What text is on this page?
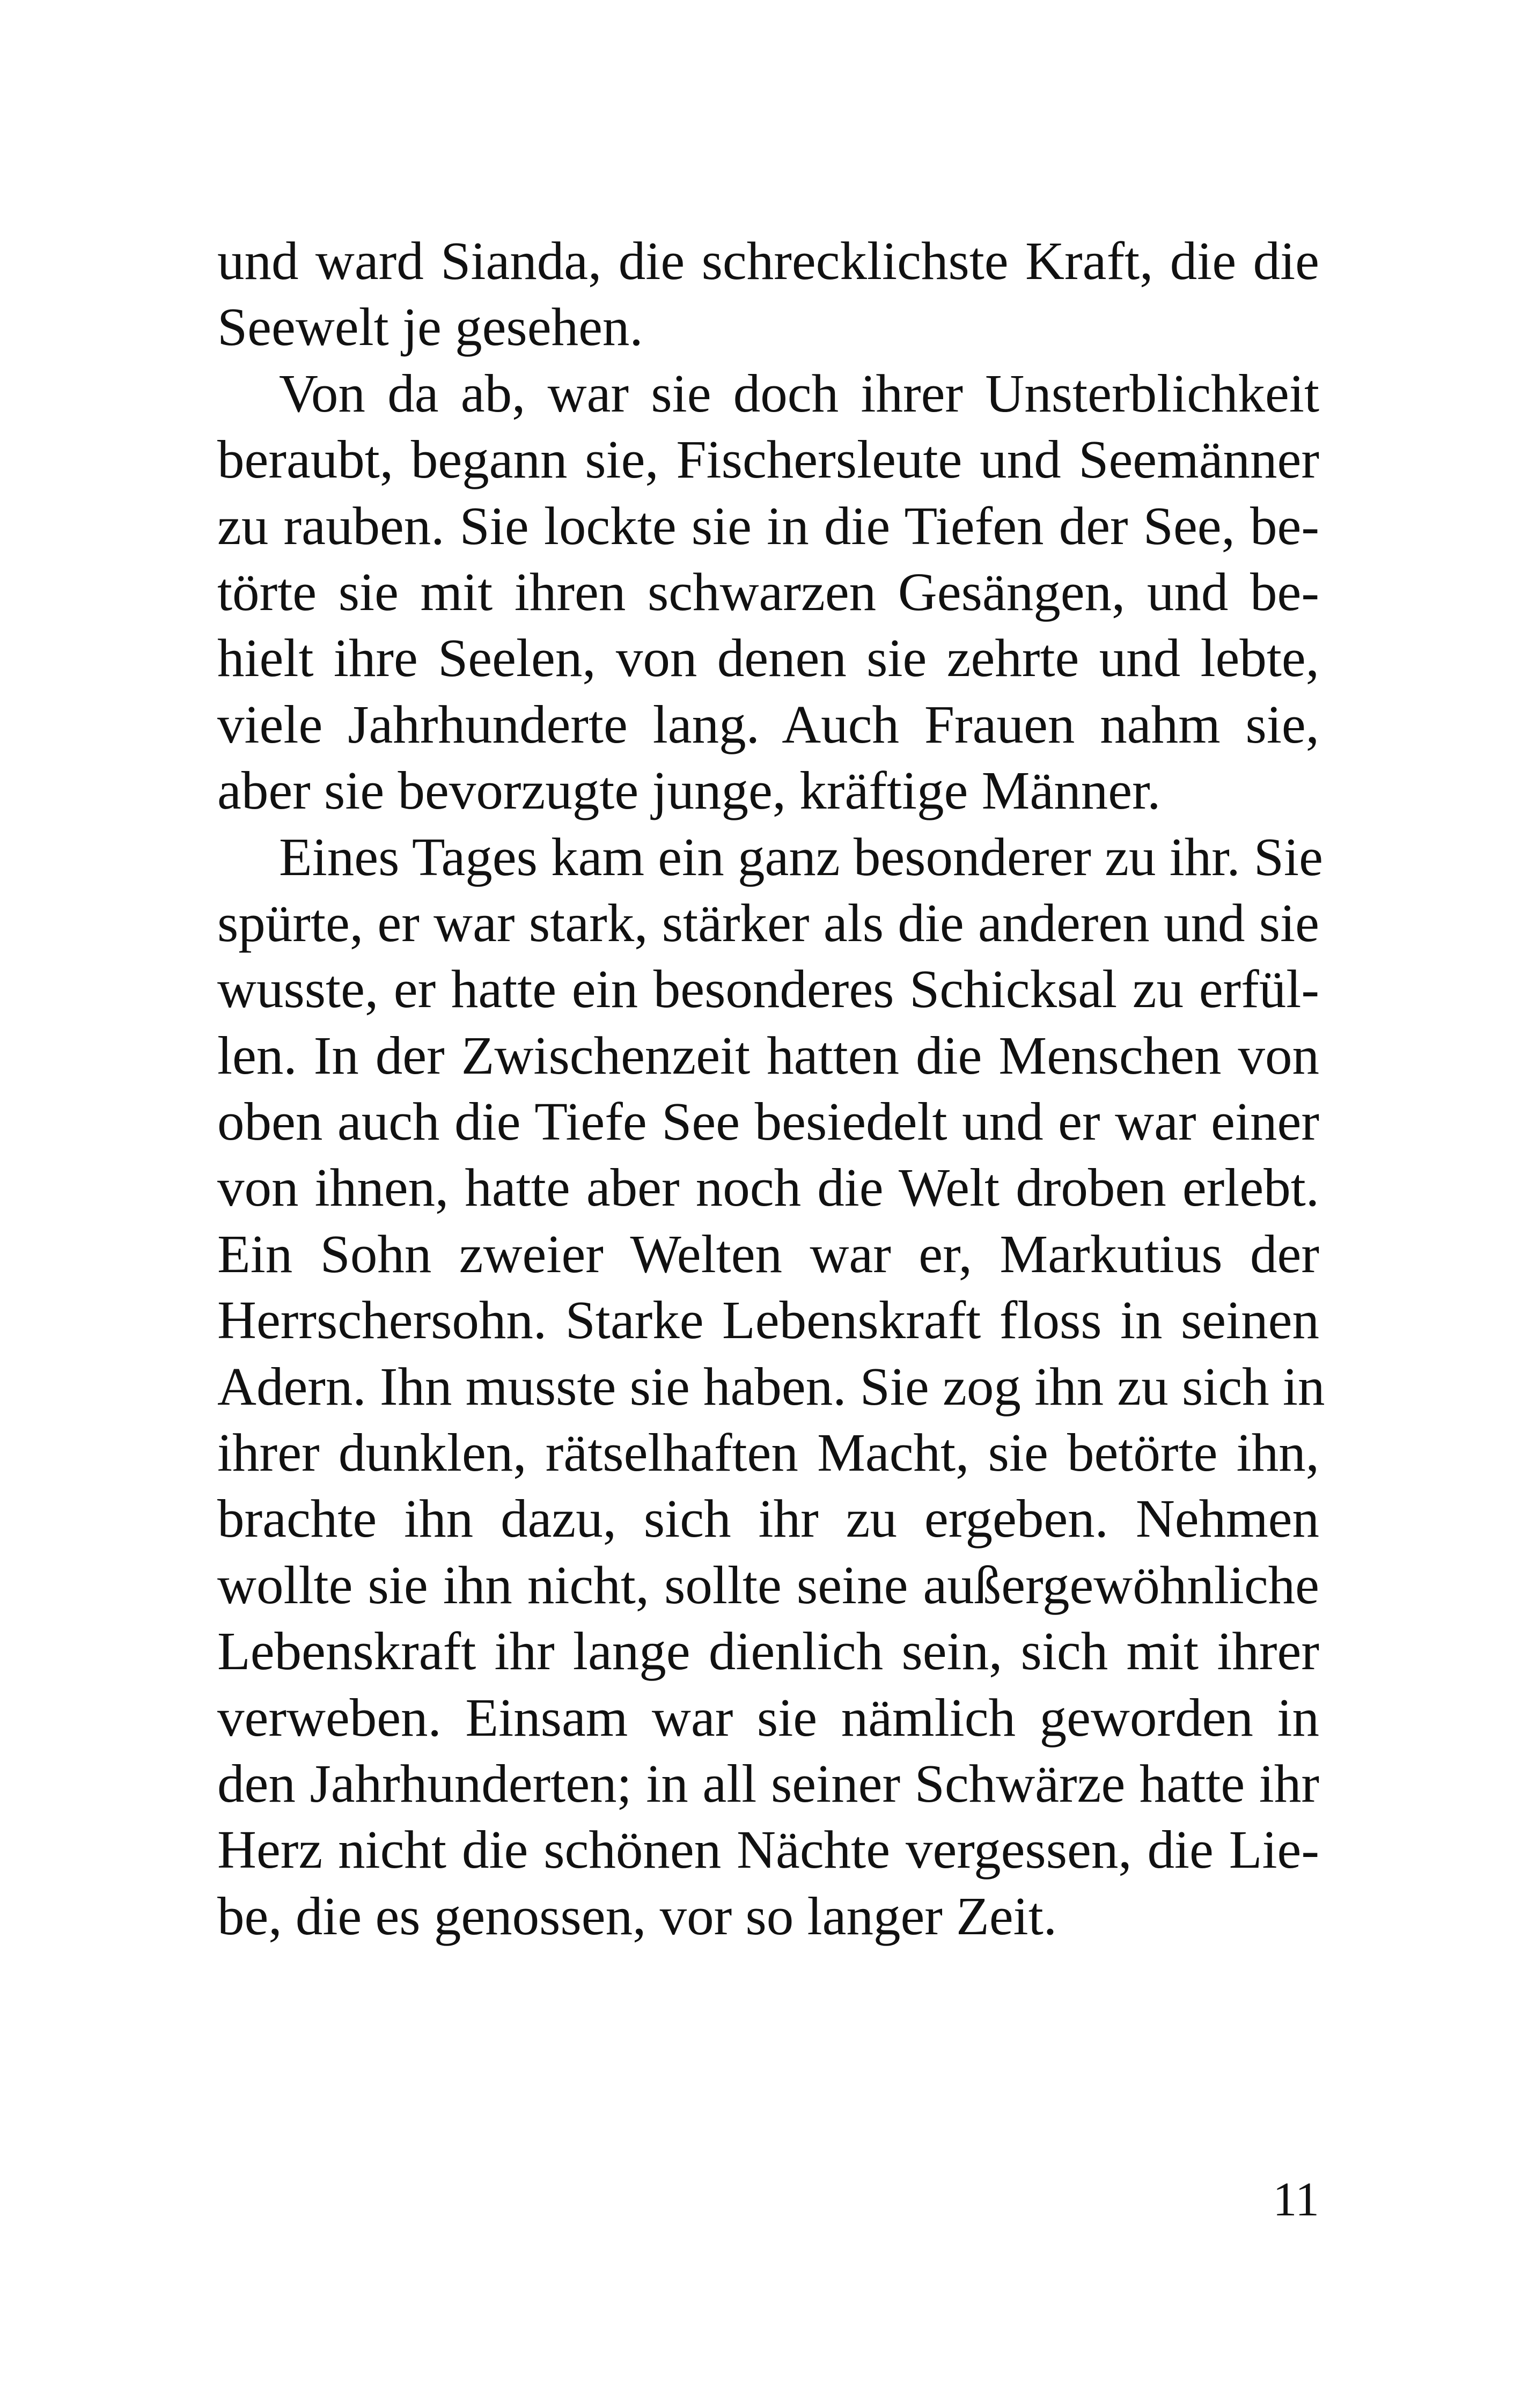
und ward Sianda, die schrecklichste Kraft, die die
Seewelt je gesehen.
Von da ab, war sie doch ihrer Unsterblichkeit
beraubt, begann sie, Fischersleute und Seemänner
zu rauben. Sie lockte sie in die Tiefen der See, be-
törte sie mit ihren schwarzen Gesängen, und be-
hielt ihre Seelen, von denen sie zehrte und lebte,
viele Jahrhunderte lang. Auch Frauen nahm sie,
aber sie bevorzugte junge, kräftige Männer.
Eines Tages kam ein ganz besonderer zu ihr. Sie
spürte, er war stark, stärker als die anderen und sie
wusste, er hatte ein besonderes Schicksal zu erfül-
len. In der Zwischenzeit hatten die Menschen von
oben auch die Tiefe See besiedelt und er war einer
von ihnen, hatte aber noch die Welt droben erlebt.
Ein Sohn zweier Welten war er, Markutius der
Herrschersohn. Starke Lebenskraft floss in seinen
Adern. Ihn musste sie haben. Sie zog ihn zu sich in
ihrer dunklen, rätselhaften Macht, sie betörte ihn,
brachte ihn dazu, sich ihr zu ergeben. Nehmen
wollte sie ihn nicht, sollte seine außergewöhnliche
Lebenskraft ihr lange dienlich sein, sich mit ihrer
verweben. Einsam war sie nämlich geworden in
den Jahrhunderten; in all seiner Schwärze hatte ihr
Herz nicht die schönen Nächte vergessen, die Lie-
be, die es genossen, vor so langer Zeit.
11
